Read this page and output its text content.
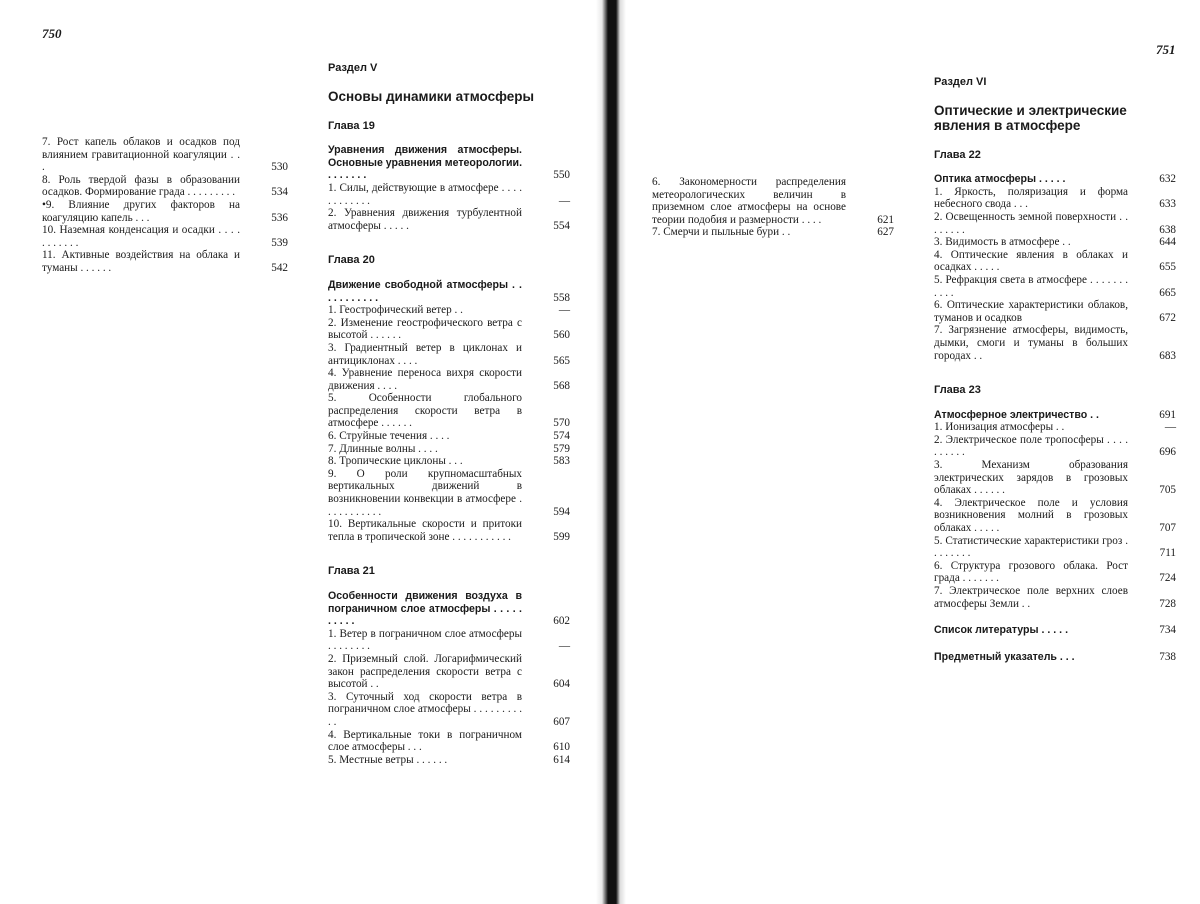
750
751
7. Рост капель облаков и осадков под влиянием гравитационной коагуляции . . .	530
8. Роль твердой фазы в образовании осадков. Формирование града . . . . . . . . .	534
•9. Влияние других факторов на коагуляцию капель . . .	536
10. Наземная конденсация и осадки . . . . . . . . . . .	539
11. Активные воздействия на облака и туманы . . . . . .	542
Раздел V
Основы динамики атмосферы
Глава 19
Уравнения движения атмосферы. Основные уравнения метеорологии. . . . . . . .	550
1. Силы, действующие в атмосфере . . . . . . . . . . . .	—
2. Уравнения движения турбулентной атмосферы . . . . .	554
Глава 20
Движение свободной атмосферы . . . . . . . . . . .	558
1. Геострофический ветер . .	—
2. Изменение геострофического ветра с высотой . . . . . .	560
3. Градиентный ветер в циклонах и антициклонах . . . .	565
4. Уравнение переноса вихря скорости движения . . . .	568
5. Особенности глобального распределения скорости ветра в атмосфере . . . . . .	570
6. Струйные течения . . . .	574
7. Длинные волны . . . .	579
8. Тропические циклоны . . .	583
9. О роли крупномасштабных вертикальных движений в возникновении конвекции в атмосфере . . . . . . . . . . .	594
10. Вертикальные скорости и притоки тепла в тропической зоне . . . . . . . . . . .	599
Глава 21
Особенности движения воздуха в пограничном слое атмосферы . . . . . . . . . .	602
1. Ветер в пограничном слое атмосферы . . . . . . . .	—
2. Приземный слой. Логарифмический закон распределения скорости ветра с высотой . .	604
3. Суточный ход скорости ветра в пограничном слое атмосферы . . . . . . . . . . .	607
4. Вертикальные токи в пограничном слое атмосферы . . .	610
5. Местные ветры . . . . . .	614
6. Закономерности распределения метеорологических величин в приземном слое атмосферы на основе теории подобия и размерности . . . .	621
7. Смерчи и пыльные бури . .	627
Раздел VI
Оптические и электрические явления в атмосфере
Глава 22
Оптика атмосферы . . . . .	632
1. Яркость, поляризация и форма небесного свода . . .	633
2. Освещенность земной поверхности . . . . . . . .	638
3. Видимость в атмосфере . .	644
4. Оптические явления в облаках и осадках . . . . .	655
5. Рефракция света в атмосфере . . . . . . . . . . .	665
6. Оптические характеристики облаков, туманов и осадков	672
7. Загрязнение атмосферы, видимость, дымки, смоги и туманы в больших городах . .	683
Глава 23
Атмосферное электричество . .	691
1. Ионизация атмосферы . .	—
2. Электрическое поле тропосферы . . . . . . . . . .	696
3. Механизм образования электрических зарядов в грозовых облаках . . . . . .	705
4. Электрическое поле и условия возникновения молний в грозовых облаках . . . . .	707
5. Статистические характеристики гроз . . . . . . . .	711
6. Структура грозового облака. Рост града . . . . . . .	724
7. Электрическое поле верхних слоев атмосферы Земли . .	728
Список литературы . . . . .	734
Предметный указатель . . .	738
